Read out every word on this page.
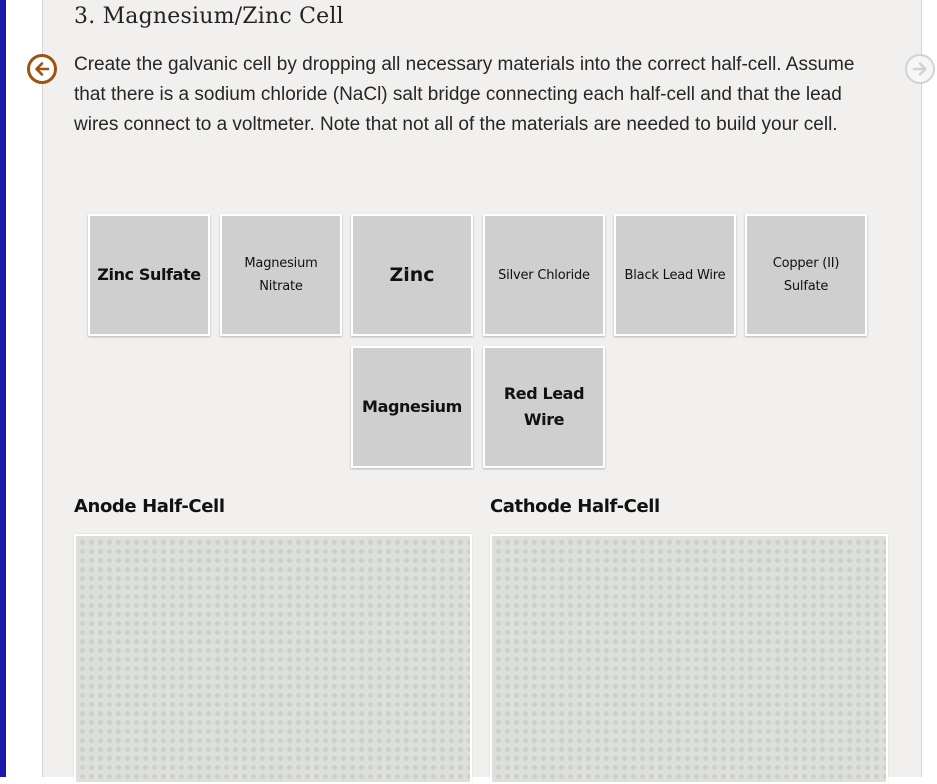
3. Magnesium/Zinc Cell

Create the galvanic cell by dropping all necessary materials into the correct half-cell. Assume that there is a sodium chloride (NaCl) salt bridge connecting each half-cell and that the lead wires connect to a voltmeter. Note that not all of the materials are needed to build your cell.

Zinc Sulfate
Magnesium Nitrate
Zinc	Silver Chloride	Black Lead Wire
Copper (II) Sulfate
Magnesium
Red Lead Wire
Anode Half-Cell	Cathode Half-Cell
